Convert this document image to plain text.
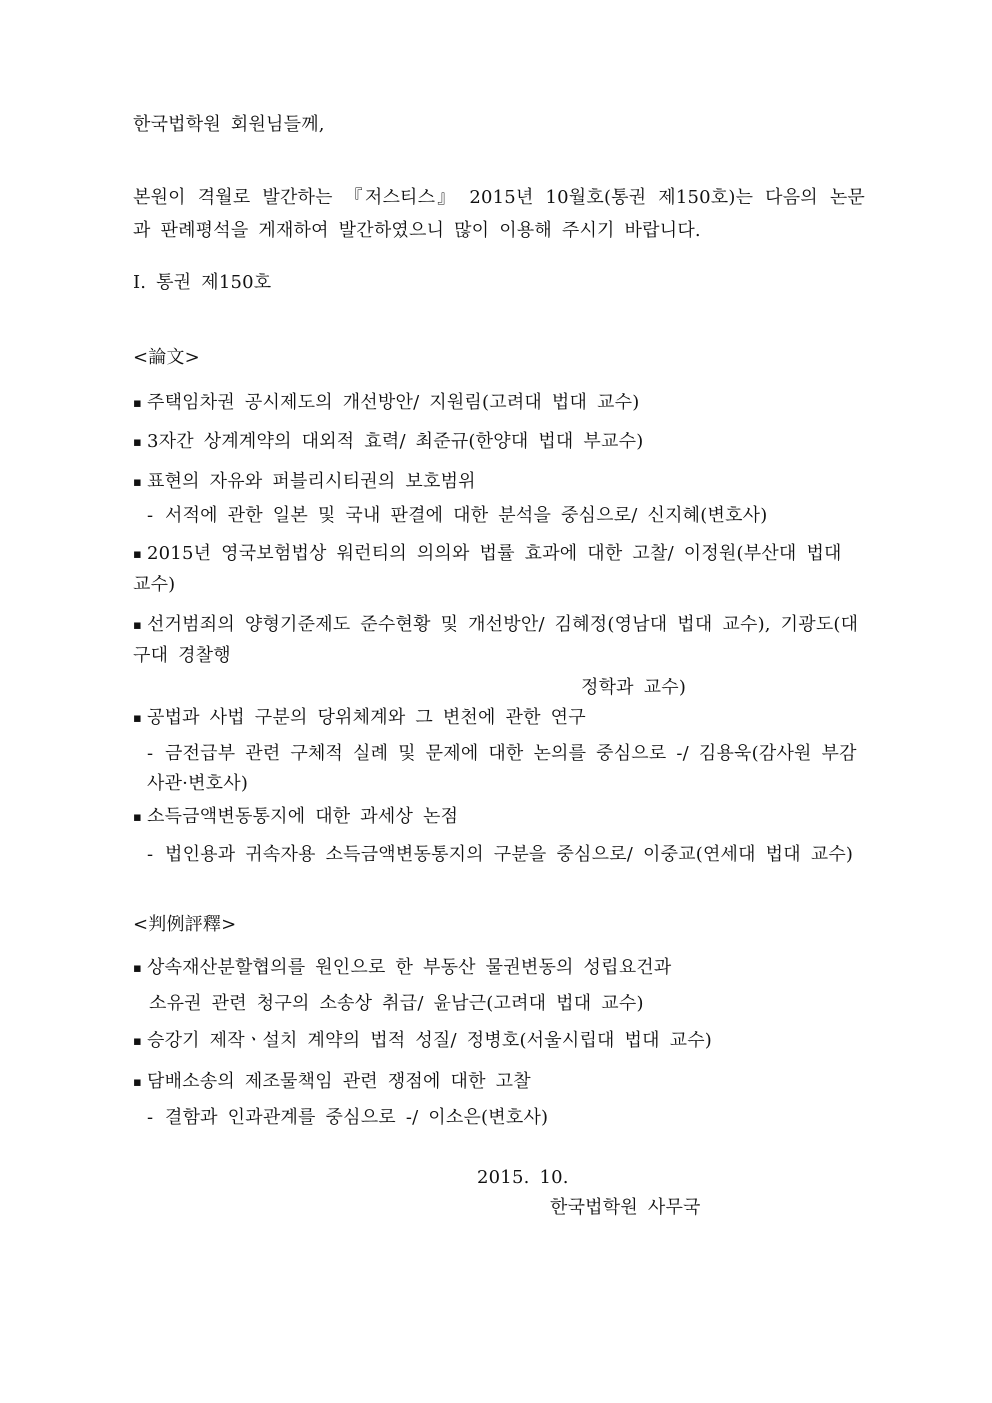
한국법학원 회원님들께,
본원이 격월로 발간하는 『저스티스』 2015년 10월호(통권 제150호)는 다음의 논문
과 판례평석을 게재하여 발간하였으니 많이 이용해 주시기 바랍니다.
I. 통권 제150호
<論文>
▪ 주택임차권 공시제도의 개선방안/ 지원림(고려대 법대 교수)
▪ 3자간 상계계약의 대외적 효력/ 최준규(한양대 법대 부교수)
▪ 표현의 자유와 퍼블리시티권의 보호범위
- 서적에 관한 일본 및 국내 판결에 대한 분석을 중심으로/ 신지혜(변호사)
▪ 2015년 영국보험법상 워런티의 의의와 법률 효과에 대한 고찰/ 이정원(부산대 법대 교수)
▪ 선거범죄의 양형기준제도 준수현황 및 개선방안/ 김혜정(영남대 법대 교수), 기광도(대구대 경찰행
정학과 교수)
▪ 공법과 사법 구분의 당위체계와 그 변천에 관한 연구
- 금전급부 관련 구체적 실례 및 문제에 대한 논의를 중심으로 -/ 김용욱(감사원 부감사관·변호사)
▪ 소득금액변동통지에 대한 과세상 논점
- 법인용과 귀속자용 소득금액변동통지의 구분을 중심으로/ 이중교(연세대 법대 교수)
<判例評釋>
▪ 상속재산분할협의를 원인으로 한 부동산 물권변동의 성립요건과
소유권 관련 청구의 소송상 취급/ 윤남근(고려대 법대 교수)
▪ 승강기 제작ㆍ설치 계약의 법적 성질/ 정병호(서울시립대 법대 교수)
▪ 담배소송의 제조물책임 관련 쟁점에 대한 고찰
- 결함과 인과관계를 중심으로 -/ 이소은(변호사)
2015. 10.
한국법학원 사무국
